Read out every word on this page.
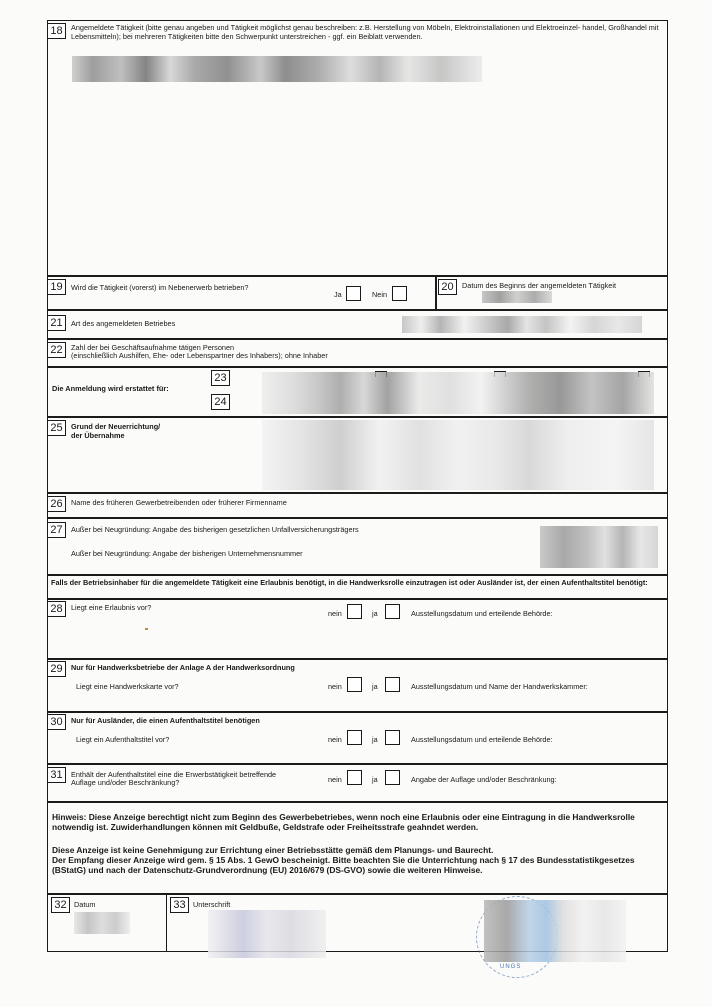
18	Angemeldete Tätigkeit (bitte genau angeben und Tätigkeit möglichst genau beschreiben: z.B. Herstellung von Möbeln, Elektroinstallationen und Elektroeinzel- handel, Großhandel mit Lebensmitteln); bei mehreren Tätigkeiten bitte den Schwerpunkt unterstreichen - ggf. ein Beiblatt verwenden.
19	Wird die Tätigkeit (vorerst) im Nebenerwerb betrieben?
Ja	Nein
20	Datum des Beginns der angemeldeten Tätigkeit
21	Art des angemeldeten Betriebes
22	Zahl der bei Geschäftsaufnahme tätigen Personen
(einschließlich Aushilfen, Ehe- oder Lebenspartner des Inhabers); ohne Inhaber
Die Anmeldung wird erstattet für:
23
24
25	Grund der Neuerrichtung/
der Übernahme
26	Name des früheren Gewerbetreibenden oder früherer Firmenname
27	Außer bei Neugründung: Angabe des bisherigen gesetzlichen Unfallversicherungsträgers
Außer bei Neugründung: Angabe der bisherigen Unternehmensnummer
Falls der Betriebsinhaber für die angemeldete Tätigkeit eine Erlaubnis benötigt, in die Handwerksrolle einzutragen ist oder Ausländer ist, der einen Aufenthaltstitel benötigt:
28	Liegt eine Erlaubnis vor?
nein	ja	Ausstellungsdatum und erteilende Behörde:
29	Nur für Handwerksbetriebe der Anlage A der Handwerksordnung
Liegt eine Handwerkskarte vor?	nein	ja	Ausstellungsdatum und Name der Handwerkskammer:
30	Nur für Ausländer, die einen Aufenthaltstitel benötigen
Liegt ein Aufenthaltstitel vor?	nein	ja	Ausstellungsdatum und erteilende Behörde:
31	Enthält der Aufenthaltstitel eine die Erwerbstätigkeit betreffende
Auflage und/oder Beschränkung?	nein	ja	Angabe der Auflage und/oder Beschränkung:
Hinweis: Diese Anzeige berechtigt nicht zum Beginn des Gewerbebetriebes, wenn noch eine Erlaubnis oder eine Eintragung in die Handwerksrolle notwendig ist. Zuwiderhandlungen können mit Geldbuße, Geldstrafe oder Freiheitsstrafe geahndet werden.
Diese Anzeige ist keine Genehmigung zur Errichtung einer Betriebsstätte gemäß dem Planungs- und Baurecht.
Der Empfang dieser Anzeige wird gem. § 15 Abs. 1 GewO bescheinigt. Bitte beachten Sie die Unterrichtung nach § 17 des Bundesstatistikgesetzes (BStatG) und nach der Datenschutz-Grundverordnung (EU) 2016/679 (DS-GVO) sowie die weiteren Hinweise.
32	Datum	33	Unterschrift
UNGS
